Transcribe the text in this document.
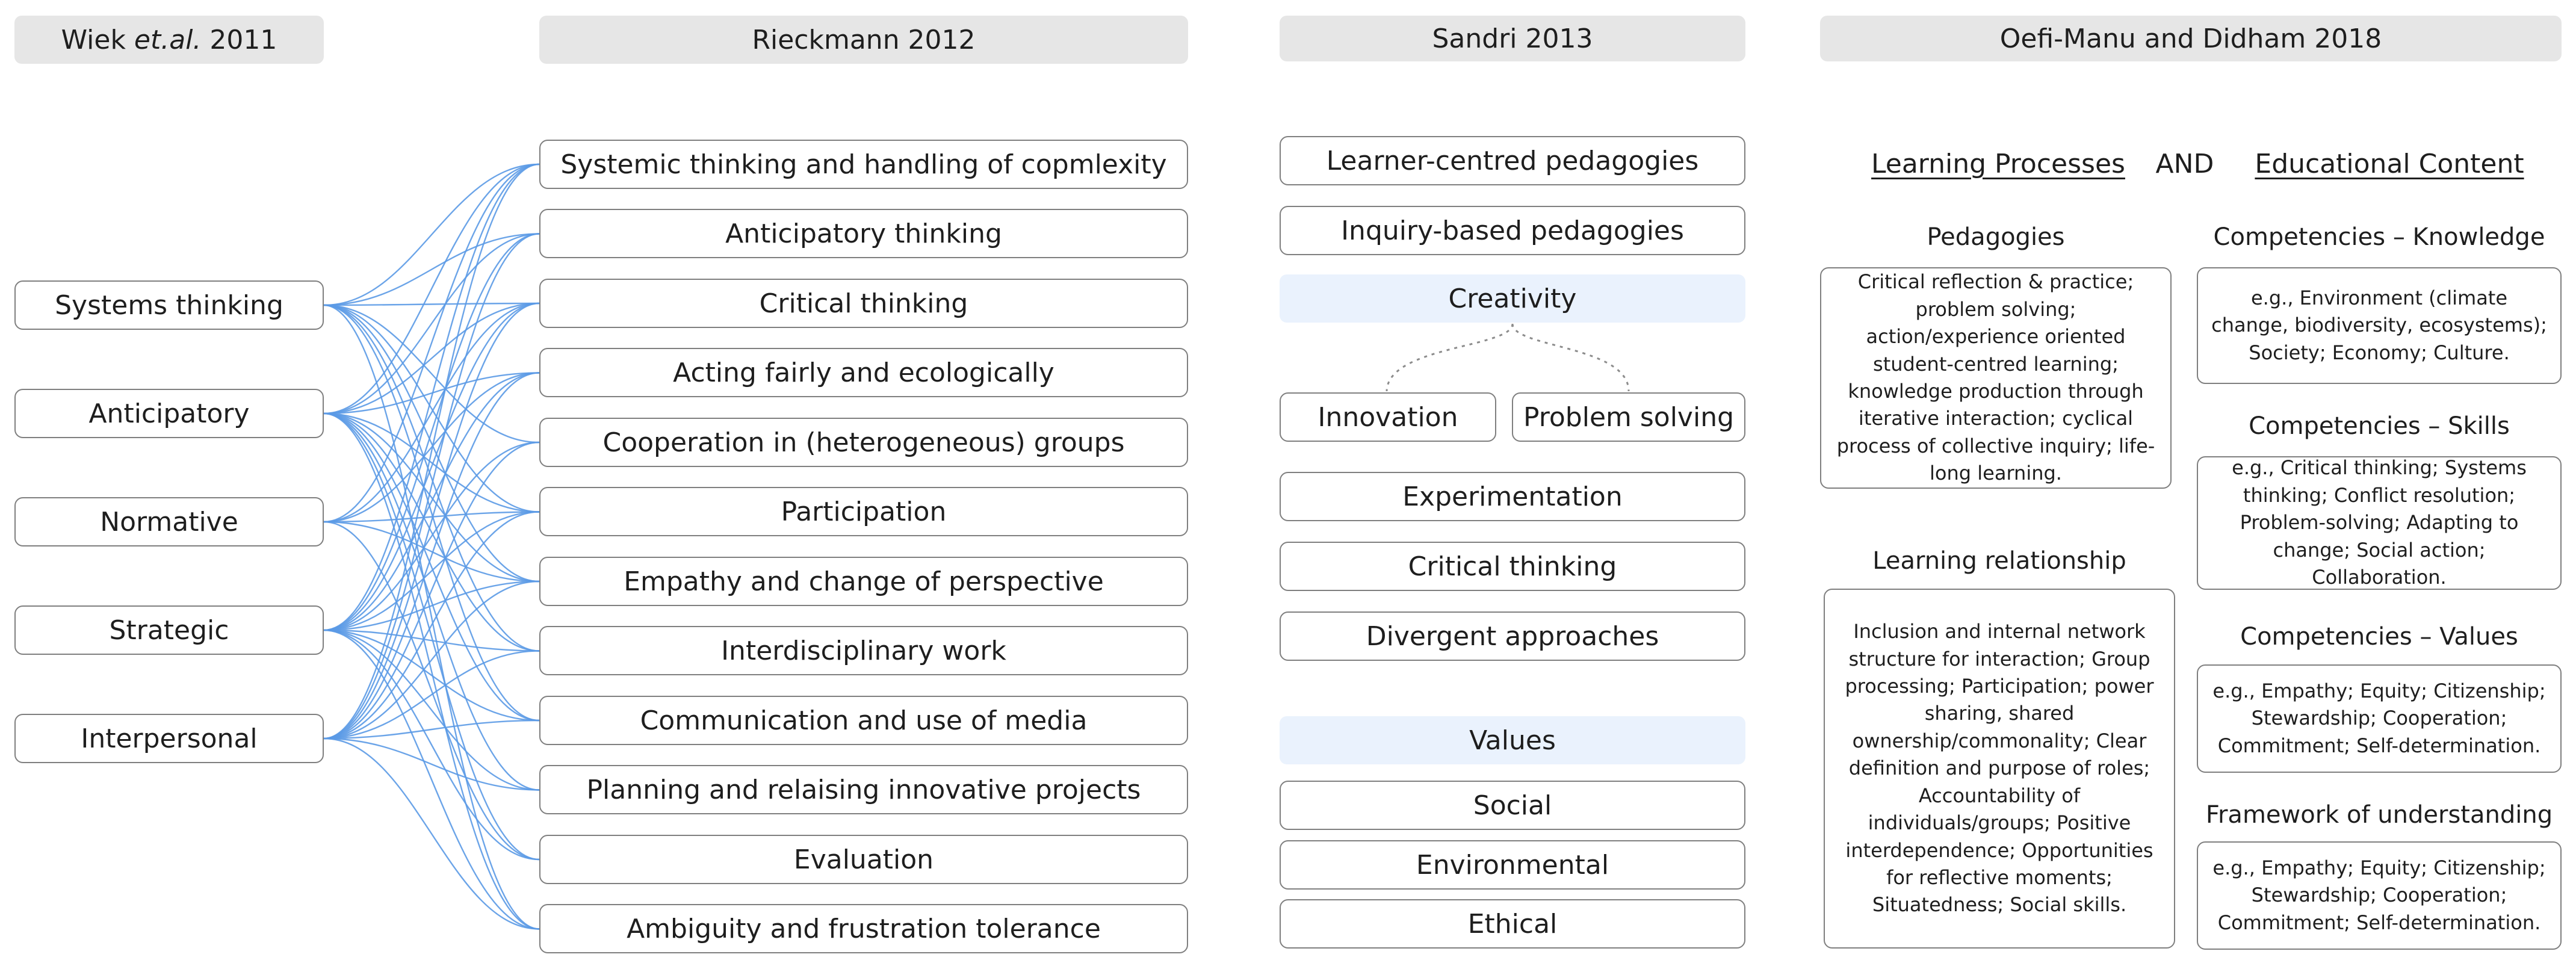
Wiek et.al. 2011	Rieckmann 2012	Sandri 2013	Oefi-Manu and Didham 2018
Systems thinking
Anticipatory
Normative
Strategic
Interpersonal
Systemic thinking and handling of copmlexity
Anticipatory thinking
Critical thinking
Acting fairly and ecologically
Cooperation in (heterogeneous) groups
Participation
Empathy and change of perspective
Interdisciplinary work
Communication and use of media
Planning and relaising innovative projects
Evaluation
Ambiguity and frustration tolerance
Learner-centred pedagogies
Inquiry-based pedagogies
Creativity
Innovation	Problem solving
Experimentation
Critical thinking
Divergent approaches
Values
Social
Environmental
Ethical
Learning Processes	AND	Educational Content
Pedagogies
Critical reflection & practice; problem solving; action/experience oriented student-centred learning; knowledge production through iterative interaction; cyclical process of collective inquiry; life-long learning.
Learning relationship
Inclusion and internal network structure for interaction; Group processing; Participation; power sharing, shared ownership/commonality; Clear definition and purpose of roles; Accountability of individuals/groups; Positive interdependence; Opportunities for reflective moments; Situatedness; Social skills.
Competencies – Knowledge
e.g., Environment (climate change, biodiversity, ecosystems); Society; Economy; Culture.
Competencies – Skills
e.g., Critical thinking; Systems thinking; Conflict resolution; Problem-solving; Adapting to change; Social action; Collaboration.
Competencies – Values
e.g., Empathy; Equity; Citizenship; Stewardship; Cooperation; Commitment; Self-determination.
Framework of understanding
e.g., Empathy; Equity; Citizenship; Stewardship; Cooperation; Commitment; Self-determination.
